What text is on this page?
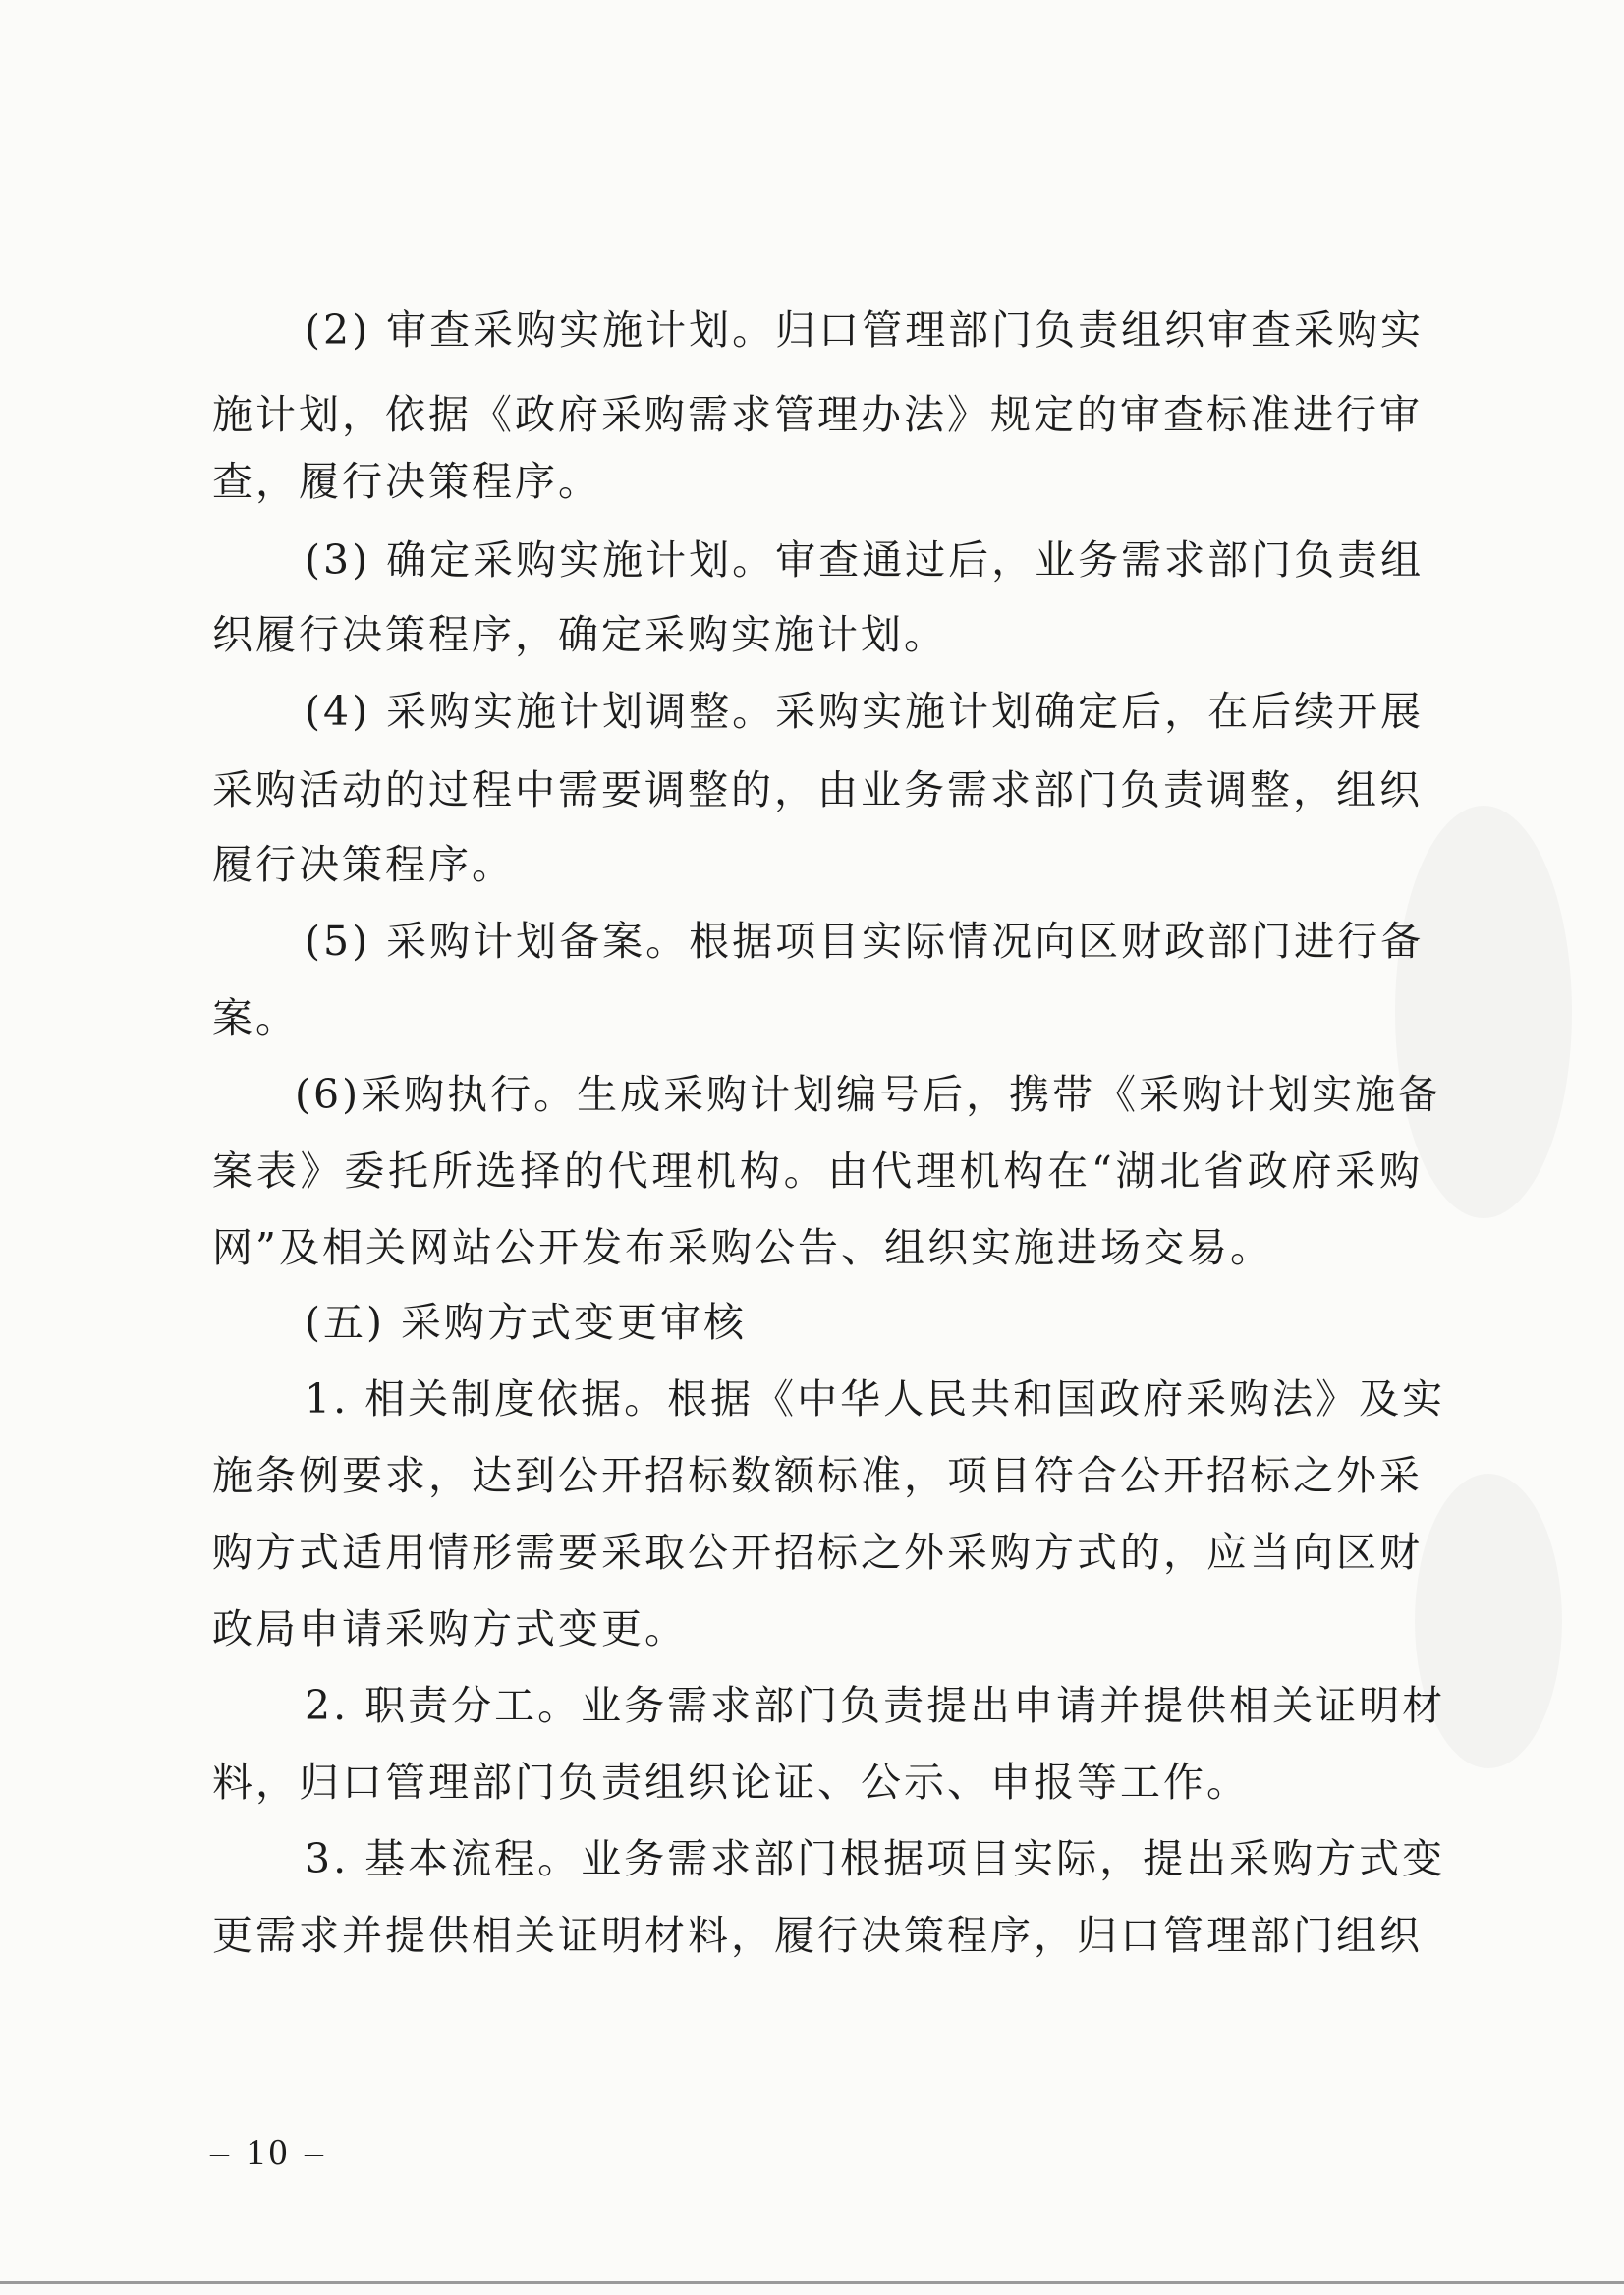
(2) 审查采购实施计划。归口管理部门负责组织审查采购实
施计划，依据《政府采购需求管理办法》规定的审查标准进行审
查，履行决策程序。
(3) 确定采购实施计划。审查通过后，业务需求部门负责组
织履行决策程序，确定采购实施计划。
(4) 采购实施计划调整。采购实施计划确定后，在后续开展
采购活动的过程中需要调整的，由业务需求部门负责调整，组织
履行决策程序。
(5) 采购计划备案。根据项目实际情况向区财政部门进行备
案。
(6)采购执行。生成采购计划编号后，携带《采购计划实施备
案表》委托所选择的代理机构。由代理机构在“湖北省政府采购
网”及相关网站公开发布采购公告、组织实施进场交易。
(五) 采购方式变更审核
1. 相关制度依据。根据《中华人民共和国政府采购法》及实
施条例要求，达到公开招标数额标准，项目符合公开招标之外采
购方式适用情形需要采取公开招标之外采购方式的，应当向区财
政局申请采购方式变更。
2. 职责分工。业务需求部门负责提出申请并提供相关证明材
料，归口管理部门负责组织论证、公示、申报等工作。
3. 基本流程。业务需求部门根据项目实际，提出采购方式变
更需求并提供相关证明材料，履行决策程序，归口管理部门组织
– 10 –
